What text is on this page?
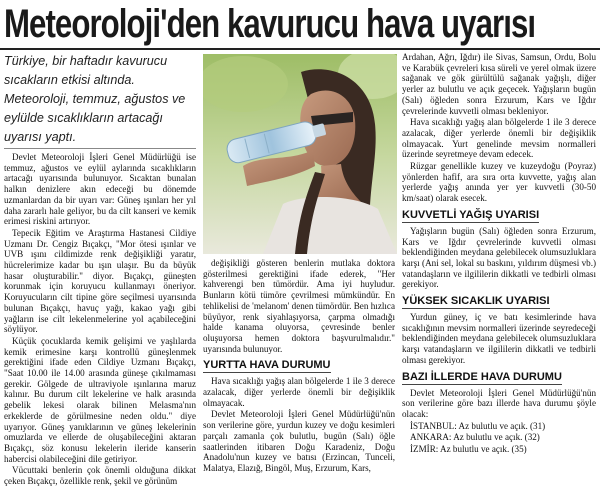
Meteoroloji'den kavurucu hava uyarısı
Türkiye, bir haftadır kavurucu sıcakların etkisi altında. Meteoroloji, temmuz, ağustos ve eylülde sıcaklıkların artacağı uyarısı yaptı.

Devlet Meteoroloji İşleri Genel Müdürlüğü ise temmuz, ağustos ve eylül aylarında sıcaklıkların artacağı uyarısında bulunuyor. Sıcaktan bunalan halkın denizlere akın edeceği bu dönemde uzmanlardan da bir uyarı var: Güneş ışınları her yıl daha zararlı hale geliyor, bu da cilt kanseri ve kemik erimesi riskini artırıyor.

Tepecik Eğitim ve Araştırma Hastanesi Cildiye Uzmanı Dr. Cengiz Bıçakçı, "Mor ötesi ışınlar ve UVB ışını cildimizde renk değişikliği yaratır, hücrelerimize kadar bu ışın ulaşır. Bu da büyük hasar oluşturabilir." diyor. Bıçakçı, güneşten korunmak için koruyucu kullanmayı öneriyor. Koruyucuların cilt tipine göre seçilmesi uyarısında bulunan Bıçakçı, havuç yağı, kakao yağı gibi yağların ise cilt lekelenmelerine yol açabileceğini söylüyor.

Küçük çocuklarda kemik gelişimi ve yaşlılarda kemik erimesine karşı kontrollü güneşlenmek gerektiğini ifade eden Cildiye Uzmanı Bıçakçı, "Saat 10.00 ile 14.00 arasında güneşe çıkılmaması gerekir. Gölgede de ultraviyole ışınlarına maruz kalınır. Bu durum cilt lekelerine ve halk arasında gebelik lekesi olarak bilinen Melasma'nın erkeklerde de görülmesine neden oldu." diye uyarıyor. Güneş yanıklarının ve güneş lekelerinin omuzlarda ve ellerde de oluşabileceğini aktaran Bıçakçı, söz konusu lekelerin ileride kanserin habercisi olabileceğini dile getiriyor.

Vücuttaki benlerin çok önemli olduğuna dikkat çeken Bıçakçı, özellikle renk, şekil ve görünüm

değişikliği gösteren benlerin mutlaka doktora gösterilmesi gerektiğini ifade ederek, "Her kahverengi ben tümördür. Ama iyi huyludur. Bunların kötü tümöre çevrilmesi mümkündür. En tehlikelisi de 'melanom' denen tümördür. Ben hızlıca büyüyor, renk siyahlaşıyorsa, çarpma olmadığı halde kanama oluyorsa, çevresinde benler oluşuyorsa hemen doktora başvurulmalıdır." uyarısında bulunuyor.

YURTTA HAVA DURUMU

Hava sıcaklığı yağış alan bölgelerde 1 ile 3 derece azalacak, diğer yerlerde önemli bir değişiklik olmayacak.

Devlet Meteoroloji İşleri Genel Müdürlüğü'nün son verilerine göre, yurdun kuzey ve doğu kesimleri parçalı zamanla çok bulutlu, bugün (Salı) öğle saatlerinden itibaren Doğu Karadeniz, Doğu Anadolu'nun kuzey ve batısı (Erzincan, Tunceli, Malatya, Elazığ, Bingöl, Muş, Erzurum, Kars,

Ardahan, Ağrı, Iğdır) ile Sivas, Samsun, Ordu, Bolu ve Karabük çevreleri kısa süreli ve yerel olmak üzere sağanak ve gök gürültülü sağanak yağışlı, diğer yerler az bulutlu ve açık geçecek. Yağışların bugün (Salı) öğleden sonra Erzurum, Kars ve Iğdır çevrelerinde kuvvetli olması bekleniyor.

Hava sıcaklığı yağış alan bölgelerde 1 ile 3 derece azalacak, diğer yerlerde önemli bir değişiklik olmayacak. Yurt genelinde mevsim normalleri üzerinde seyretmeye devam edecek.

Rüzgar genellikle kuzey ve kuzeydoğu (Poyraz) yönlerden hafif, ara sıra orta kuvvette, yağış alan yerlerde yağış anında yer yer kuvvetli (30-50 km/saat) olarak esecek.

KUVVETLİ YAĞIŞ UYARISI

Yağışların bugün (Salı) öğleden sonra Erzurum, Kars ve Iğdır çevrelerinde kuvvetli olması beklendiğinden meydana gelebilecek olumsuzluklara karşı (Ani sel, lokal su baskını, yıldırım düşmesi vb.) vatandaşların ve ilgililerin dikkatli ve tedbirli olması gerekiyor.

YÜKSEK SICAKLIK UYARISI

Yurdun güney, iç ve batı kesimlerinde hava sıcaklığının mevsim normalleri üzerinde seyredeceği beklendiğinden meydana gelebilecek olumsuzluklara karşı vatandaşların ve ilgililerin dikkatli ve tedbirli olması gerekiyor.

BAZI İLLERDE HAVA DURUMU

Devlet Meteoroloji İşleri Genel Müdürlüğü'nün son verilerine göre bazı illerde hava durumu şöyle olacak:

İSTANBUL: Az bulutlu ve açık. (31)

ANKARA: Az bulutlu ve açık. (32)

İZMİR: Az bulutlu ve açık. (35)
